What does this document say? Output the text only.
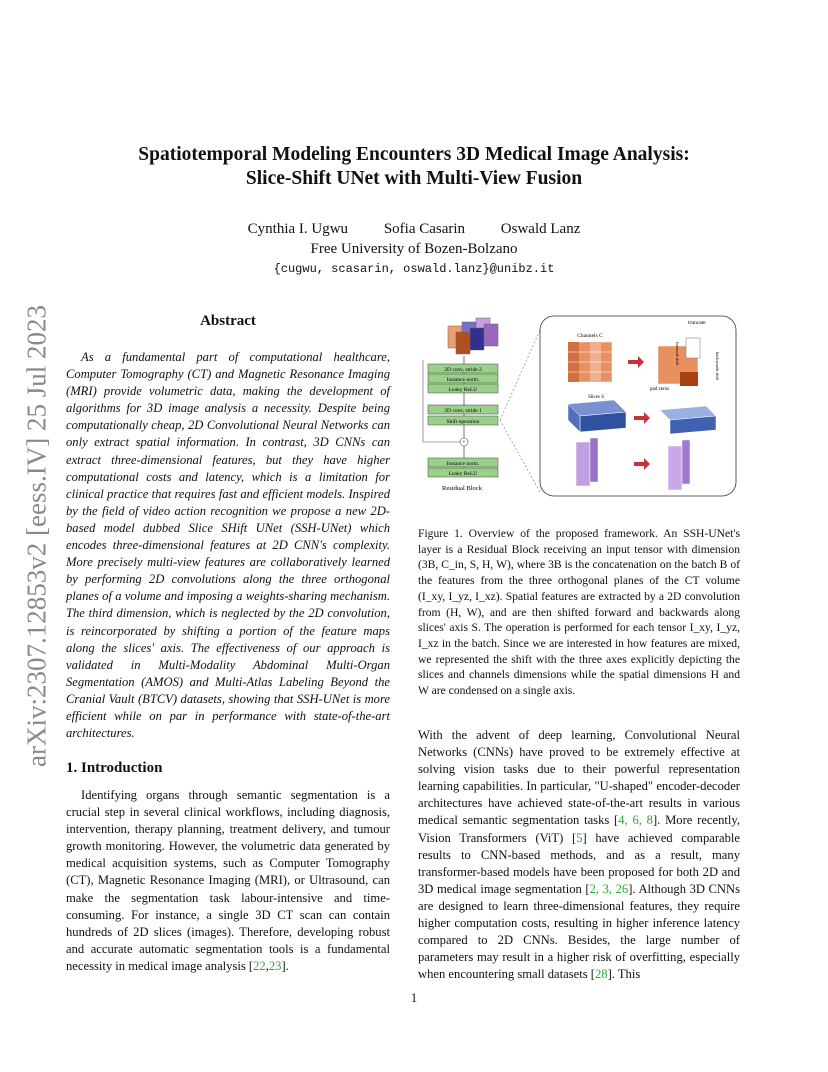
arXiv:2307.12853v2 [eess.IV] 25 Jul 2023
Spatiotemporal Modeling Encounters 3D Medical Image Analysis:
Slice-Shift UNet with Multi-View Fusion
Cynthia I. Ugwu Sofia Casarin Oswald Lanz
Free University of Bozen-Bolzano
{cugwu, scasarin, oswald.lanz}@unibz.it
Abstract
As a fundamental part of computational healthcare, Computer Tomography (CT) and Magnetic Resonance Imaging (MRI) provide volumetric data, making the development of algorithms for 3D image analysis a necessity. Despite being computationally cheap, 2D Convolutional Neural Networks can only extract spatial information. In contrast, 3D CNNs can extract three-dimensional features, but they have higher computational costs and latency, which is a limitation for clinical practice that requires fast and efficient models. Inspired by the field of video action recognition we propose a new 2D-based model dubbed Slice SHift UNet (SSH-UNet) which encodes three-dimensional features at 2D CNN's complexity. More precisely multi-view features are collaboratively learned by performing 2D convolutions along the three orthogonal planes of a volume and imposing a weights-sharing mechanism. The third dimension, which is neglected by the 2D convolution, is reincorporated by shifting a portion of the feature maps along the slices' axis. The effectiveness of our approach is validated in Multi-Modality Abdominal Multi-Organ Segmentation (AMOS) and Multi-Atlas Labeling Beyond the Cranial Vault (BTCV) datasets, showing that SSH-UNet is more efficient while on par in performance with state-of-the-art architectures.
1. Introduction
Identifying organs through semantic segmentation is a crucial step in several clinical workflows, including diagnosis, intervention, therapy planning, treatment delivery, and tumour growth monitoring. However, the volumetric data generated by medical acquisition systems, such as Computer Tomography (CT), Magnetic Resonance Imaging (MRI), or Ultrasound, can make the segmentation task labour-intensive and time-consuming. For instance, a single 3D CT scan can contain hundreds of 2D slices (images). Therefore, developing robust and accurate automatic segmentation tools is a fundamental necessity in medical image analysis [22,23].
2D conv, stride 2
Instance norm.
Leaky ReLU
2D conv, stride 1
Shift operation
+
Instance norm.
Leaky ReLU
Residual Block
Channels C
truncate
pad zeros
backwards shift
forward shift
Slices S
Figure 1. Overview of the proposed framework. An SSH-UNet's layer is a Residual Block receiving an input tensor with dimension (3B, C_in, S, H, W), where 3B is the concatenation on the batch B of the features from the three orthogonal planes of the CT volume (I_xy, I_yz, I_xz). Spatial features are extracted by a 2D convolution from (H, W), and are then shifted forward and backwards along slices' axis S. The operation is performed for each tensor I_xy, I_yz, I_xz in the batch. Since we are interested in how features are mixed, we represented the shift with the three axes explicitly depicting the slices and channels dimensions while the spatial dimensions H and W are condensed on a single axis.
With the advent of deep learning, Convolutional Neural Networks (CNNs) have proved to be extremely effective at solving vision tasks due to their powerful representation learning capabilities. In particular, "U-shaped" encoder-decoder architectures have achieved state-of-the-art results in various medical semantic segmentation tasks [4, 6, 8]. More recently, Vision Transformers (ViT) [5] have achieved comparable results to CNN-based methods, and as a result, many transformer-based models have been proposed for both 2D and 3D medical image segmentation [2, 3, 26]. Although 3D CNNs are designed to learn three-dimensional features, they require higher computation costs, resulting in higher inference latency compared to 2D CNNs. Besides, the large number of parameters may result in a higher risk of overfitting, especially when encountering small datasets [28]. This
1
